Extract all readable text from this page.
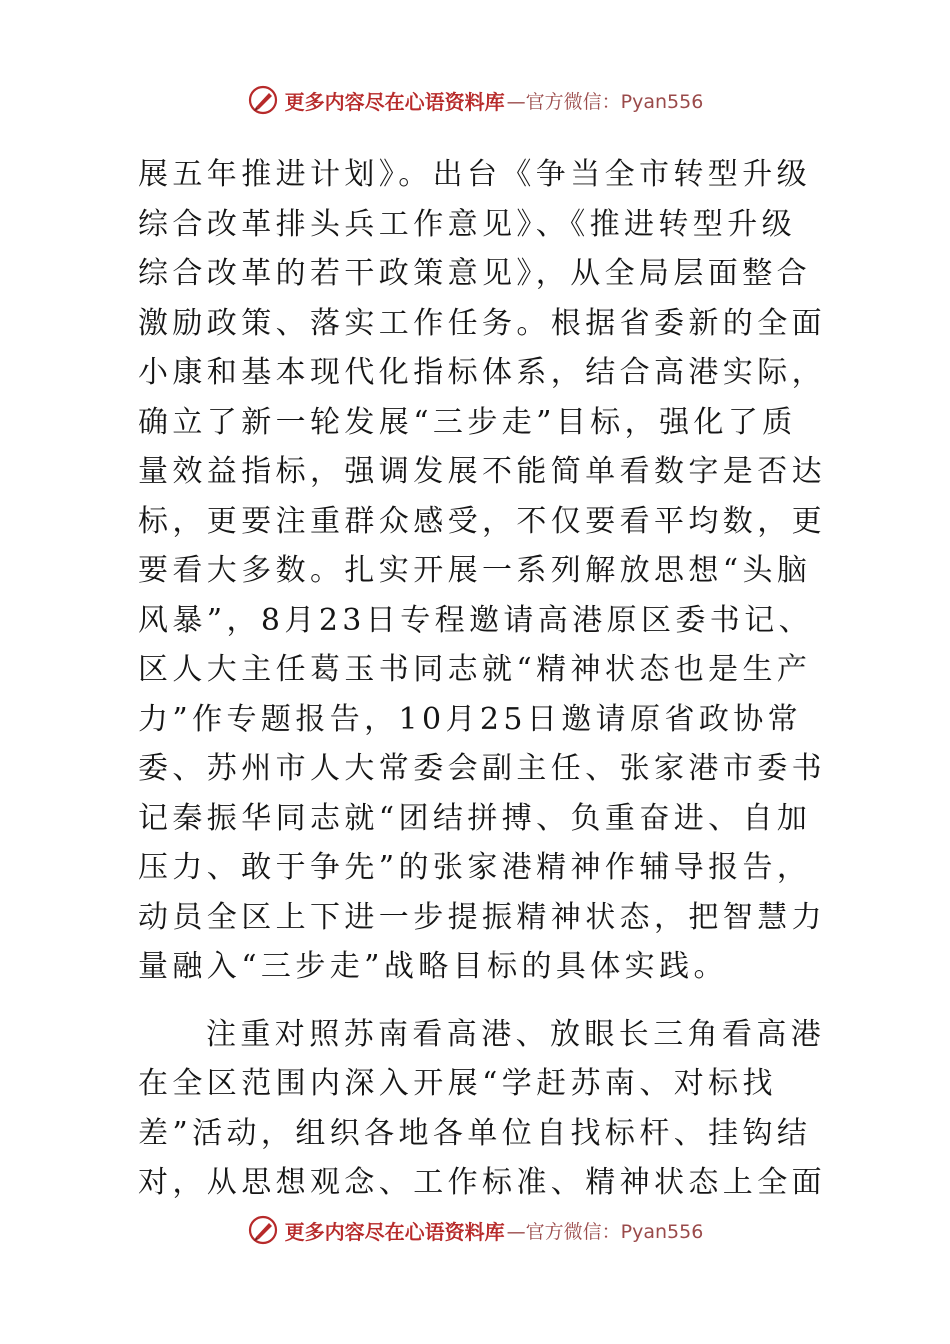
更多内容尽在心语资料库 —官方微信：Pyan556
展五年推进计划》。出台《争当全市转型升级
综合改革排头兵工作意见》、《推进转型升级
综合改革的若干政策意见》，从全局层面整合
激励政策、落实工作任务。根据省委新的全面
小康和基本现代化指标体系，结合高港实际，
确立了新一轮发展“三步走”目标，强化了质
量效益指标，强调发展不能简单看数字是否达
标，更要注重群众感受，不仅要看平均数，更
要看大多数。扎实开展一系列解放思想“头脑
风暴”，8月23日专程邀请高港原区委书记、
区人大主任葛玉书同志就“精神状态也是生产
力”作专题报告，10月25日邀请原省政协常
委、苏州市人大常委会副主任、张家港市委书
记秦振华同志就“团结拼搏、负重奋进、自加
压力、敢于争先”的张家港精神作辅导报告，
动员全区上下进一步提振精神状态，把智慧力
量融入“三步走”战略目标的具体实践。
注重对照苏南看高港、放眼长三角看高港
在全区范围内深入开展“学赶苏南、对标找
差”活动，组织各地各单位自找标杆、挂钩结
对，从思想观念、工作标准、精神状态上全面
更多内容尽在心语资料库 —官方微信：Pyan556
